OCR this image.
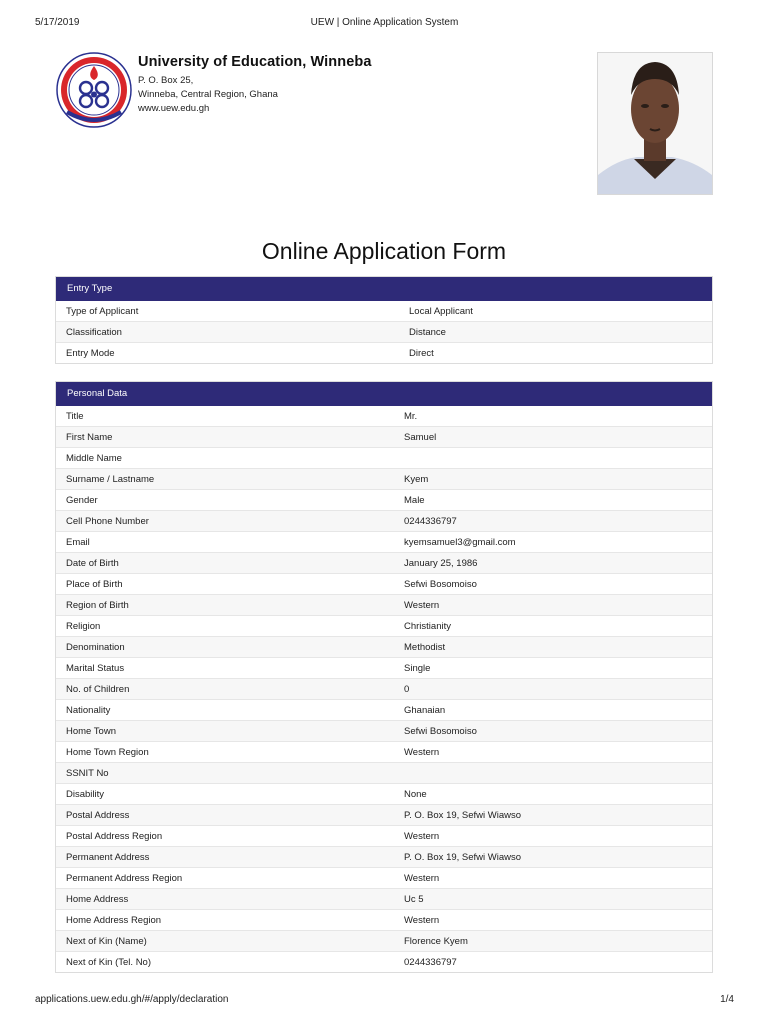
5/17/2019	UEW | Online Application System
University of Education, Winneba
P. O. Box 25,
Winneba, Central Region, Ghana
www.uew.edu.gh
Online Application Form
Entry Type
Type of Applicant	Local Applicant
Classification	Distance
Entry Mode	Direct
Personal Data
Title	Mr.
First Name	Samuel
Middle Name	
Surname / Lastname	Kyem
Gender	Male
Cell Phone Number	0244336797
Email	kyemsamuel3@gmail.com
Date of Birth	January 25, 1986
Place of Birth	Sefwi Bosomoiso
Region of Birth	Western
Religion	Christianity
Denomination	Methodist
Marital Status	Single
No. of Children	0
Nationality	Ghanaian
Home Town	Sefwi Bosomoiso
Home Town Region	Western
SSNIT No	
Disability	None
Postal Address	P. O. Box 19, Sefwi Wiawso
Postal Address Region	Western
Permanent Address	P. O. Box 19, Sefwi Wiawso
Permanent Address Region	Western
Home Address	Uc 5
Home Address Region	Western
Next of Kin (Name)	Florence Kyem
Next of Kin (Tel. No)	0244336797
applications.uew.edu.gh/#/apply/declaration	1/4
